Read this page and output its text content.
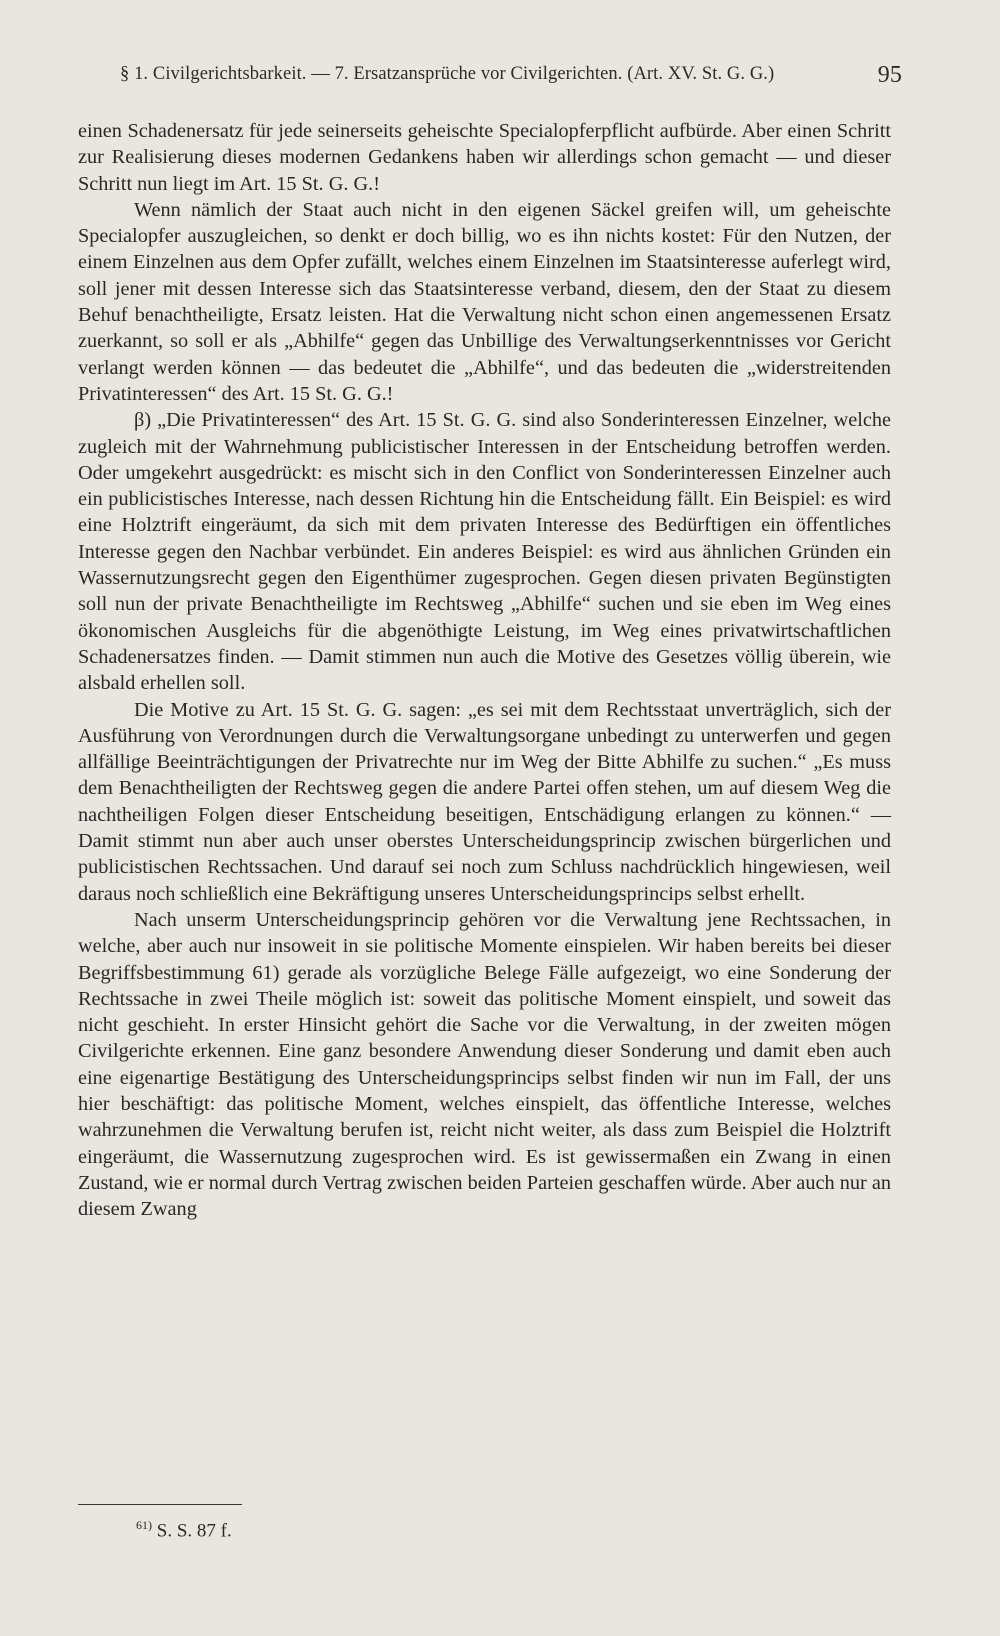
§ 1. Civilgerichtsbarkeit. — 7. Ersatzansprüche vor Civilgerichten. (Art. XV. St. G. G.)	95

einen Schadenersatz für jede seinerseits geheischte Specialopferpflicht aufbürde. Aber einen Schritt zur Realisierung dieses modernen Gedankens haben wir allerdings schon gemacht — und dieser Schritt nun liegt im Art. 15 St. G. G.!

Wenn nämlich der Staat auch nicht in den eigenen Säckel greifen will, um geheischte Specialopfer auszugleichen, so denkt er doch billig, wo es ihn nichts kostet: Für den Nutzen, der einem Einzelnen aus dem Opfer zufällt, welches einem Einzelnen im Staatsinteresse auferlegt wird, soll jener mit dessen Interesse sich das Staatsinteresse verband, diesem, den der Staat zu diesem Behuf benachtheiligte, Ersatz leisten. Hat die Verwaltung nicht schon einen angemessenen Ersatz zuerkannt, so soll er als „Abhilfe“ gegen das Unbillige des Verwaltungserkenntnisses vor Gericht verlangt werden können — das bedeutet die „Abhilfe“, und das bedeuten die „widerstreitenden Privatinteressen“ des Art. 15 St. G. G.!

β) „Die Privatinteressen“ des Art. 15 St. G. G. sind also Sonderinteressen Einzelner, welche zugleich mit der Wahrnehmung publicistischer Interessen in der Entscheidung betroffen werden. Oder umgekehrt ausgedrückt: es mischt sich in den Conflict von Sonderinteressen Einzelner auch ein publicistisches Interesse, nach dessen Richtung hin die Entscheidung fällt. Ein Beispiel: es wird eine Holztrift eingeräumt, da sich mit dem privaten Interesse des Bedürftigen ein öffentliches Interesse gegen den Nachbar verbündet. Ein anderes Beispiel: es wird aus ähnlichen Gründen ein Wassernutzungsrecht gegen den Eigenthümer zugesprochen. Gegen diesen privaten Begünstigten soll nun der private Benachtheiligte im Rechtsweg „Abhilfe“ suchen und sie eben im Weg eines ökonomischen Ausgleichs für die abgenöthigte Leistung, im Weg eines privatwirtschaftlichen Schadenersatzes finden. — Damit stimmen nun auch die Motive des Gesetzes völlig überein, wie alsbald erhellen soll.

Die Motive zu Art. 15 St. G. G. sagen: „es sei mit dem Rechtsstaat unverträglich, sich der Ausführung von Verordnungen durch die Verwaltungsorgane unbedingt zu unterwerfen und gegen allfällige Beeinträchtigungen der Privatrechte nur im Weg der Bitte Abhilfe zu suchen.“ „Es muss dem Benachtheiligten der Rechtsweg gegen die andere Partei offen stehen, um auf diesem Weg die nachtheiligen Folgen dieser Entscheidung beseitigen, Entschädigung erlangen zu können.“ — Damit stimmt nun aber auch unser oberstes Unterscheidungsprincip zwischen bürgerlichen und publicistischen Rechtssachen. Und darauf sei noch zum Schluss nachdrücklich hingewiesen, weil daraus noch schließlich eine Bekräftigung unseres Unterscheidungsprincips selbst erhellt.

Nach unserm Unterscheidungsprincip gehören vor die Verwaltung jene Rechtssachen, in welche, aber auch nur insoweit in sie politische Momente einspielen. Wir haben bereits bei dieser Begriffsbestimmung 61) gerade als vorzügliche Belege Fälle aufgezeigt, wo eine Sonderung der Rechtssache in zwei Theile möglich ist: soweit das politische Moment einspielt, und soweit das nicht geschieht. In erster Hinsicht gehört die Sache vor die Verwaltung, in der zweiten mögen Civilgerichte erkennen. Eine ganz besondere Anwendung dieser Sonderung und damit eben auch eine eigenartige Bestätigung des Unterscheidungsprincips selbst finden wir nun im Fall, der uns hier beschäftigt: das politische Moment, welches einspielt, das öffentliche Interesse, welches wahrzunehmen die Verwaltung berufen ist, reicht nicht weiter, als dass zum Beispiel die Holztrift eingeräumt, die Wassernutzung zugesprochen wird. Es ist gewissermaßen ein Zwang in einen Zustand, wie er normal durch Vertrag zwischen beiden Parteien geschaffen würde. Aber auch nur an diesem Zwang

$^{61)}$ S. S. 87 f.
